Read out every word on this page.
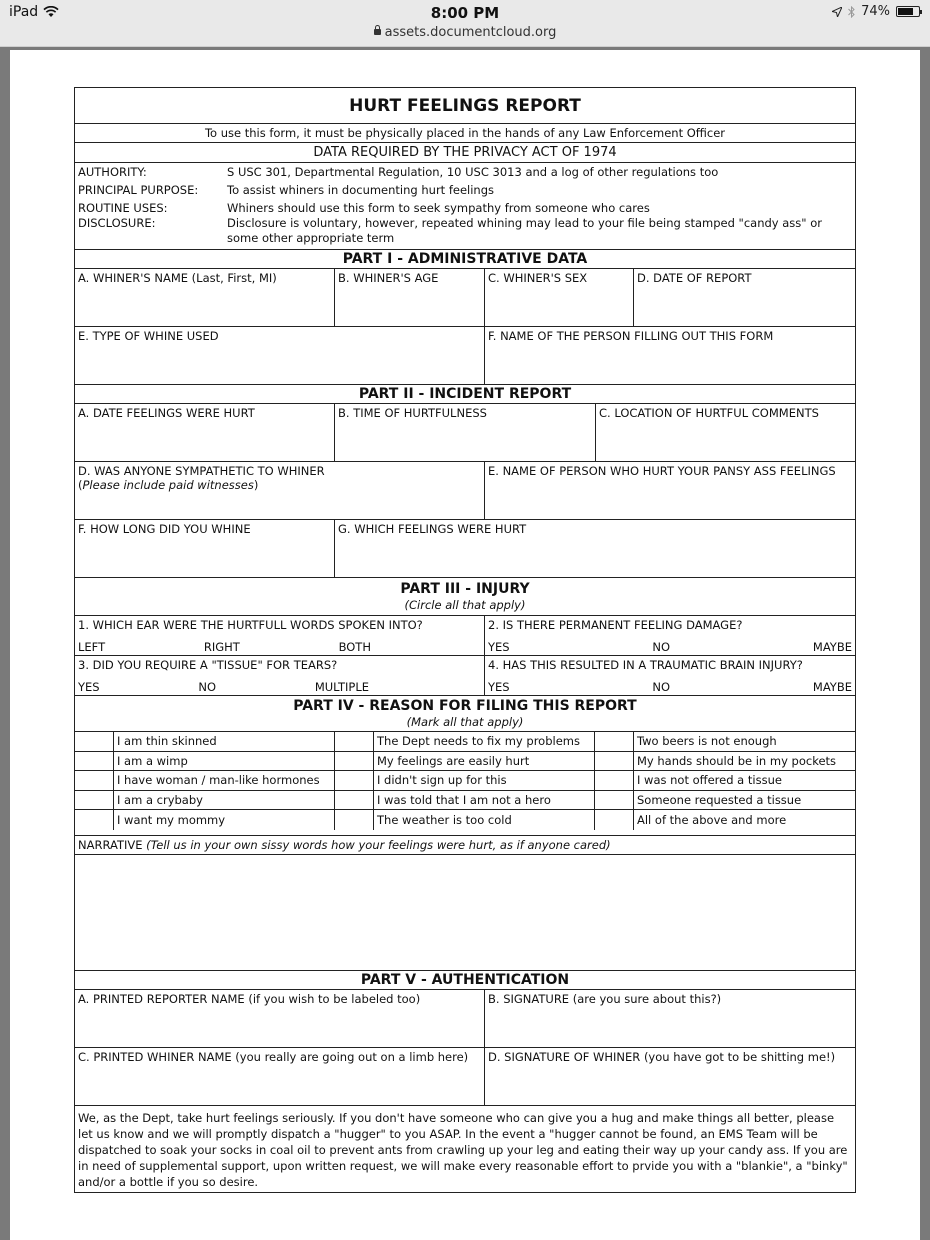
iPad	8:00 PM	74%
assets.documentcloud.org
HURT FEELINGS REPORT
To use this form, it must be physically placed in the hands of any Law Enforcement Officer
DATA REQUIRED BY THE PRIVACY ACT OF 1974
AUTHORITY:	S USC 301, Departmental Regulation, 10 USC 3013 and a log of other regulations too
PRINCIPAL PURPOSE:	To assist whiners in documenting hurt feelings
ROUTINE USES:	Whiners should use this form to seek sympathy from someone who cares
DISCLOSURE:	Disclosure is voluntary, however, repeated whining may lead to your file being stamped "candy ass" or some other appropriate term
PART I - ADMINISTRATIVE DATA
A. WHINER'S NAME (Last, First, MI)	B. WHINER'S AGE	C. WHINER'S SEX	D. DATE OF REPORT
E. TYPE OF WHINE USED	F. NAME OF THE PERSON FILLING OUT THIS FORM
PART II - INCIDENT REPORT
A. DATE FEELINGS WERE HURT	B. TIME OF HURTFULNESS	C. LOCATION OF HURTFUL COMMENTS
D. WAS ANYONE SYMPATHETIC TO WHINER
(Please include paid witnesses)
E. NAME OF PERSON WHO HURT YOUR PANSY ASS FEELINGS
F. HOW LONG DID YOU WHINE	G. WHICH FEELINGS WERE HURT
PART III - INJURY
(Circle all that apply)
1. WHICH EAR WERE THE HURTFULL WORDS SPOKEN INTO?
LEFT	RIGHT	BOTH
2. IS THERE PERMANENT FEELING DAMAGE?
YES	NO	MAYBE
3. DID YOU REQUIRE A "TISSUE" FOR TEARS?
YES	NO	MULTIPLE
4. HAS THIS RESULTED IN A TRAUMATIC BRAIN INJURY?
YES	NO	MAYBE
PART IV - REASON FOR FILING THIS REPORT
(Mark all that apply)
I am thin skinned	The Dept needs to fix my problems	Two beers is not enough
I am a wimp	My feelings are easily hurt	My hands should be in my pockets
I have woman / man-like hormones	I didn't sign up for this	I was not offered a tissue
I am a crybaby	I was told that I am not a hero	Someone requested a tissue
I want my mommy	The weather is too cold	All of the above and more
NARRATIVE
(Tell us in your own sissy words how your feelings were hurt, as if anyone cared)
PART V - AUTHENTICATION
A. PRINTED REPORTER NAME (if you wish to be labeled too)	B. SIGNATURE (are you sure about this?)
C. PRINTED WHINER NAME (you really are going out on a limb here)	D. SIGNATURE OF WHINER (you have got to be shitting me!)
We, as the Dept, take hurt feelings seriously. If you don't have someone who can give you a hug and make things all better, please let us know and we will promptly dispatch a "hugger" to you ASAP. In the event a "hugger cannot be found, an EMS Team will be dispatched to soak your socks in coal oil to prevent ants from crawling up your leg and eating their way up your candy ass. If you are in need of supplemental support, upon written request, we will make every reasonable effort to prvide you with a "blankie", a "binky" and/or a bottle if you so desire.
